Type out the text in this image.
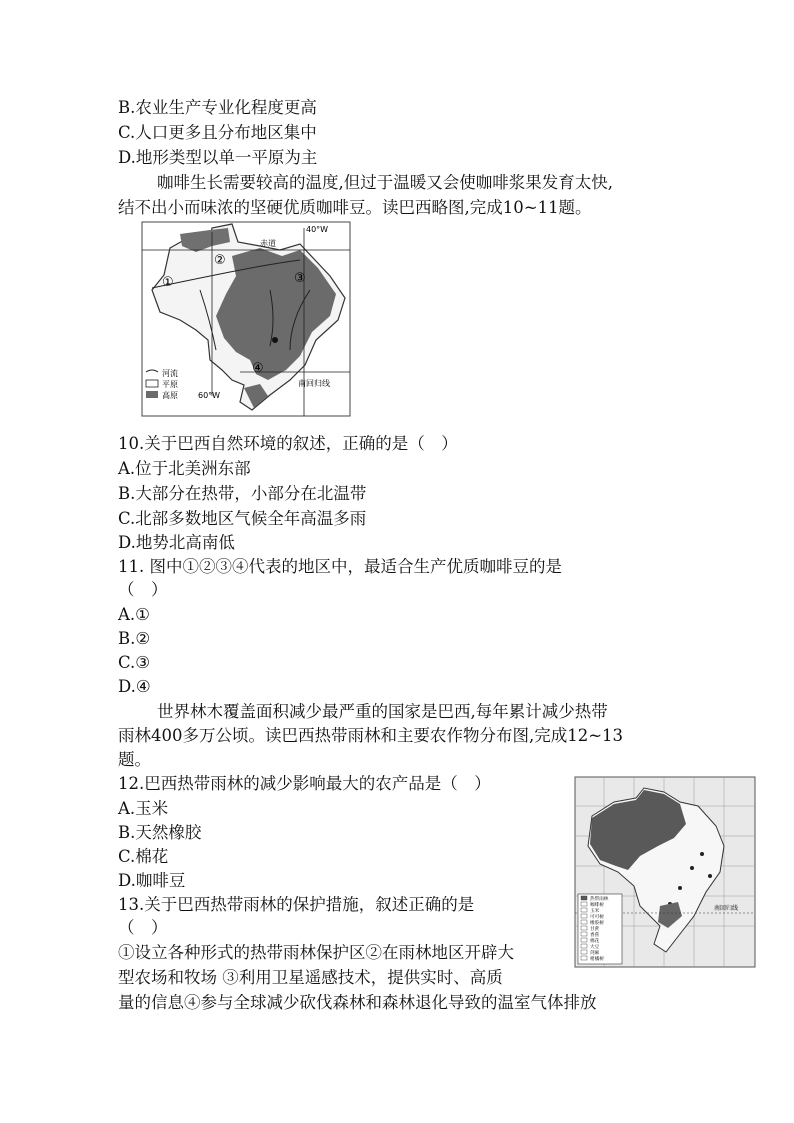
B.农业生产专业化程度更高
C.人口更多且分布地区集中
D.地形类型以单一平原为主
咖啡生长需要较高的温度,但过于温暖又会使咖啡浆果发育太快,
结不出小而味浓的坚硬优质咖啡豆。读巴西略图,完成10~11题。
赤道
40°W
60°W
南回归线
①
②
③
④
河流
平原
高原
10.关于巴西自然环境的叙述，正确的是（　）
A.位于北美洲东部
B.大部分在热带，小部分在北温带
C.北部多数地区气候全年高温多雨
D.地势北高南低
11. 图中①②③④代表的地区中，最适合生产优质咖啡豆的是
（　）
A.①
B.②
C.③
D.④
世界林木覆盖面积减少最严重的国家是巴西,每年累计减少热带
雨林400多万公顷。读巴西热带雨林和主要农作物分布图,完成12~13
题。
12.巴西热带雨林的减少影响最大的农产品是（　）
A.玉米
B.天然橡胶
C.棉花
D.咖啡豆
13.关于巴西热带雨林的保护措施，叙述正确的是
（　）
①设立各种形式的热带雨林保护区②在雨林地区开辟大
型农场和牧场 ③利用卫星遥感技术，提供实时、高质
量的信息④参与全球减少砍伐森林和森林退化导致的温室气体排放
南回归线
热带雨林
咖啡树
玉米
可可树
橡胶树
甘蔗
香蕉
棉花
大豆
剑麻
柑橘树
